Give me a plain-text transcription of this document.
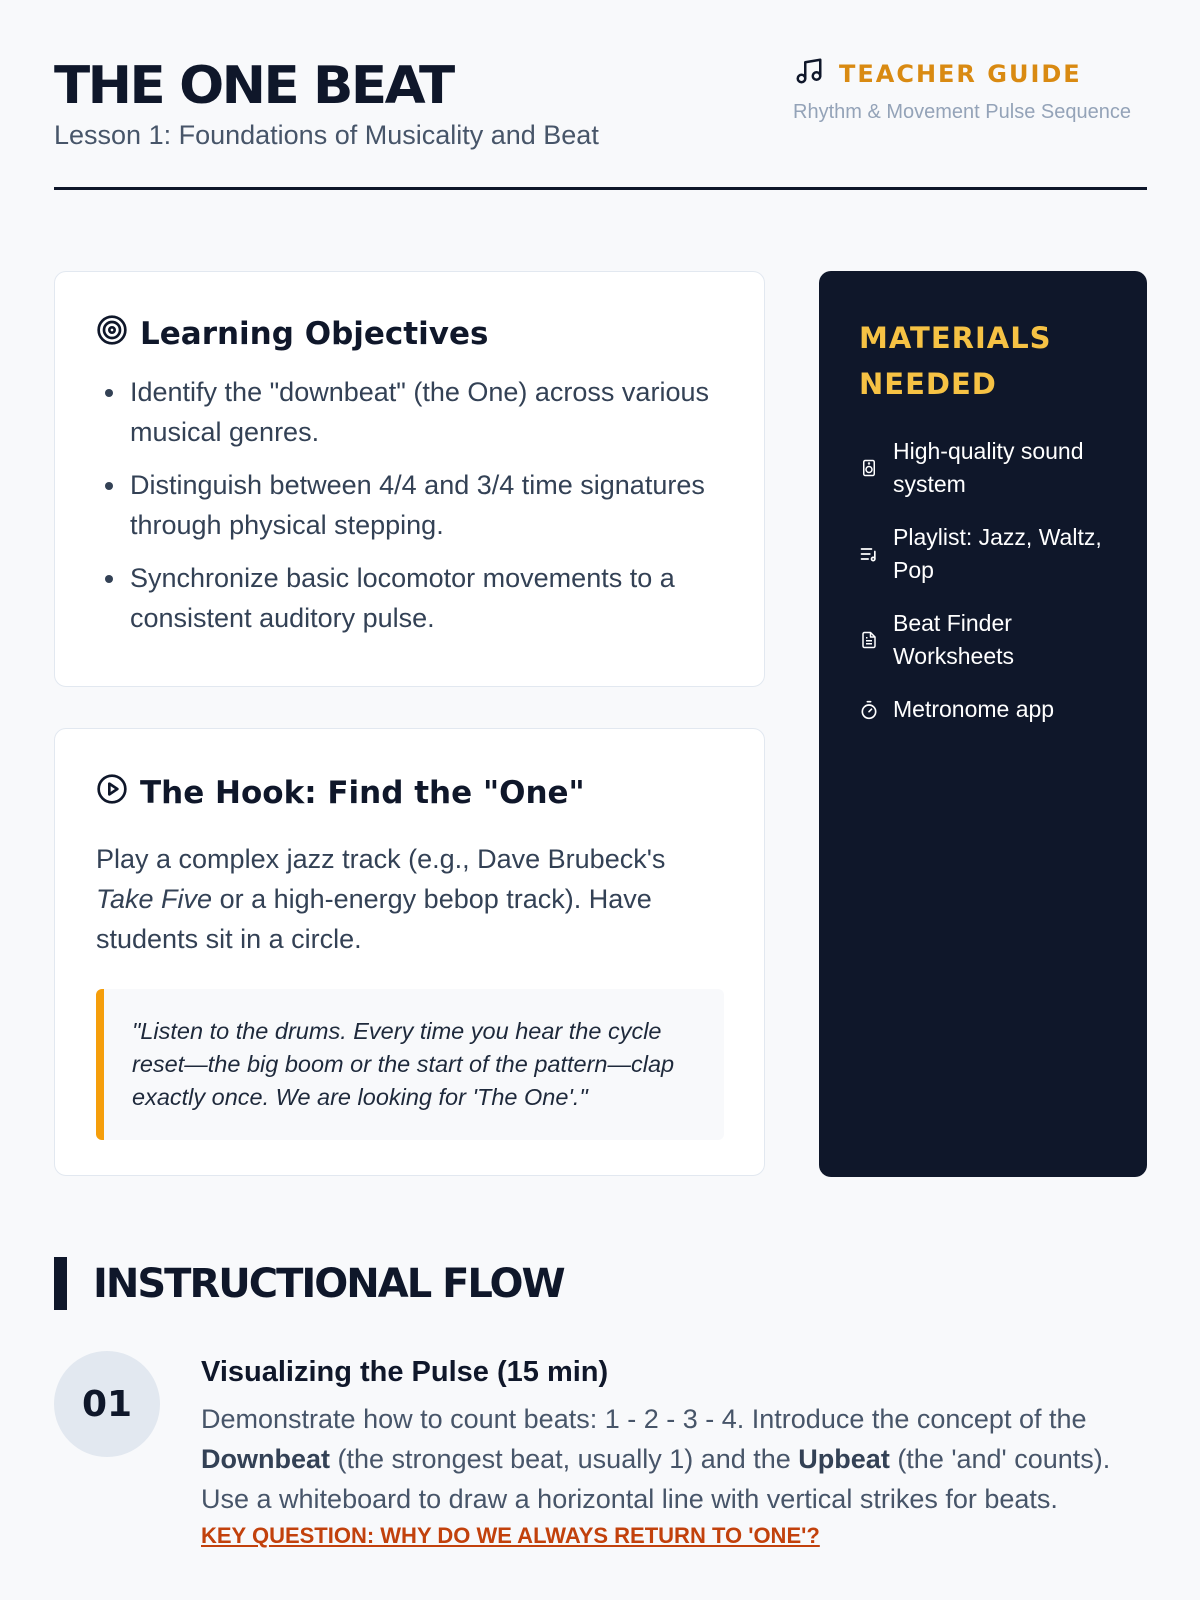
THE ONE BEAT
Lesson 1: Foundations of Musicality and Beat
TEACHER GUIDE
Rhythm & Movement Pulse Sequence
Learning Objectives
• Identify the "downbeat" (the One) across various musical genres.
• Distinguish between 4/4 and 3/4 time signatures through physical stepping.
• Synchronize basic locomotor movements to a consistent auditory pulse.
The Hook: Find the "One"

Play a complex jazz track (e.g., Dave Brubeck's Take Five or a high-energy bebop track). Have students sit in a circle.

"Listen to the drums. Every time you hear the cycle reset—the big boom or the start of the pattern—clap exactly once. We are looking for 'The One'."
MATERIALS NEEDED
High-quality sound system
Playlist: Jazz, Waltz, Pop
Beat Finder Worksheets
Metronome app
INSTRUCTIONAL FLOW
01
Visualizing the Pulse (15 min)

Demonstrate how to count beats: 1 - 2 - 3 - 4. Introduce the concept of the Downbeat (the strongest beat, usually 1) and the Upbeat (the 'and' counts). Use a whiteboard to draw a horizontal line with vertical strikes for beats.

KEY QUESTION: WHY DO WE ALWAYS RETURN TO 'ONE'?
